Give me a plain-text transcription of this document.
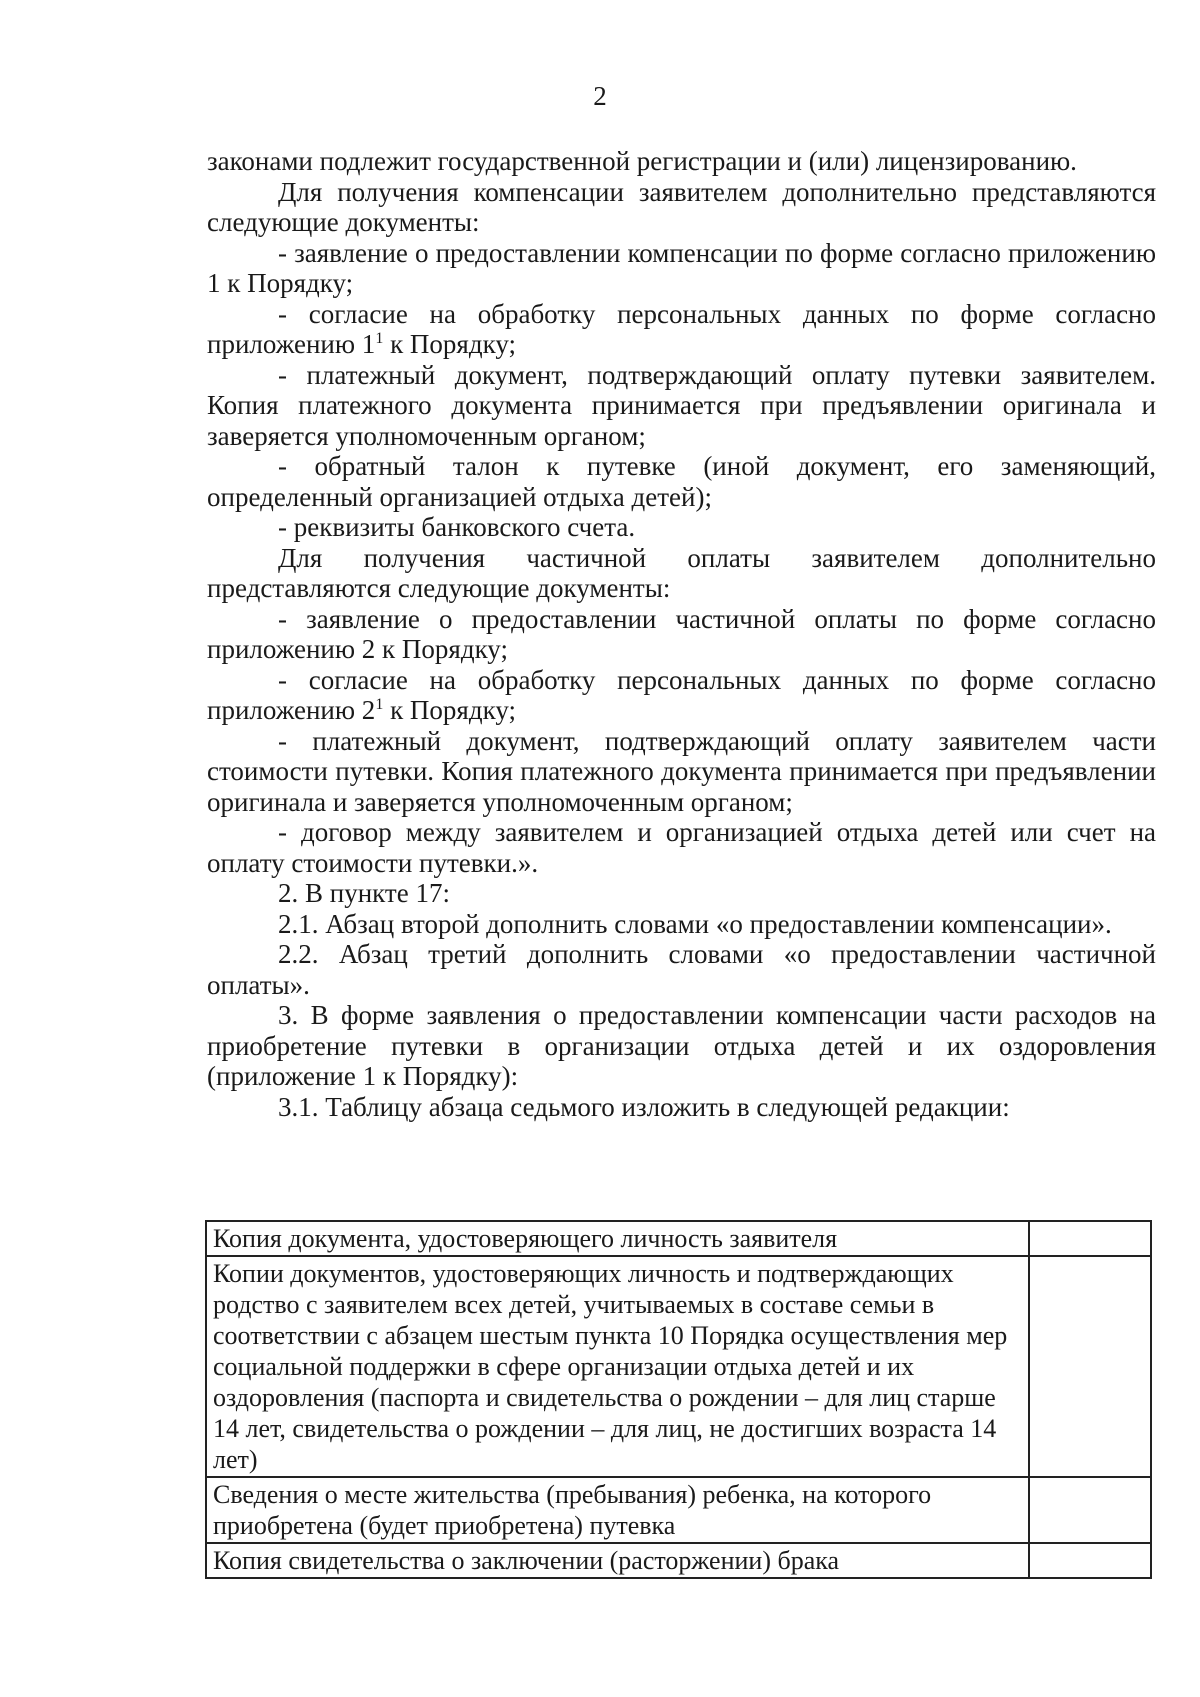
2

законами подлежит государственной регистрации и (или) лицензированию.

Для получения компенсации заявителем дополнительно представляются следующие документы:

- заявление о предоставлении компенсации по форме согласно приложению 1 к Порядку;

- согласие на обработку персональных данных по форме согласно приложению $1^1$ к Порядку;

- платежный документ, подтверждающий оплату путевки заявителем. Копия платежного документа принимается при предъявлении оригинала и заверяется уполномоченным органом;

- обратный талон к путевке (иной документ, его заменяющий, определенный организацией отдыха детей);

- реквизиты банковского счета.

Для получения частичной оплаты заявителем дополнительно представляются следующие документы:

- заявление о предоставлении частичной оплаты по форме согласно приложению 2 к Порядку;

- согласие на обработку персональных данных по форме согласно приложению $2^1$ к Порядку;

- платежный документ, подтверждающий оплату заявителем части стоимости путевки. Копия платежного документа принимается при предъявлении оригинала и заверяется уполномоченным органом;

- договор между заявителем и организацией отдыха детей или счет на оплату стоимости путевки.».

2. В пункте 17:

2.1. Абзац второй дополнить словами «о предоставлении компенсации».

2.2. Абзац третий дополнить словами «о предоставлении частичной оплаты».

3. В форме заявления о предоставлении компенсации части расходов на приобретение путевки в организации отдыха детей и их оздоровления (приложение 1 к Порядку):

3.1. Таблицу абзаца седьмого изложить в следующей редакции:

Копия документа, удостоверяющего личность заявителя	
Копии документов, удостоверяющих личность и подтверждающих родство с заявителем всех детей, учитываемых в составе семьи в соответствии с абзацем шестым пункта 10 Порядка осуществления мер социальной поддержки в сфере организации отдыха детей и их оздоровления (паспорта и свидетельства о рождении – для лиц старше 14 лет, свидетельства о рождении – для лиц, не достигших возраста 14 лет)	
Сведения о месте жительства (пребывания) ребенка, на которого приобретена (будет приобретена) путевка	
Копия свидетельства о заключении (расторжении) брака	
